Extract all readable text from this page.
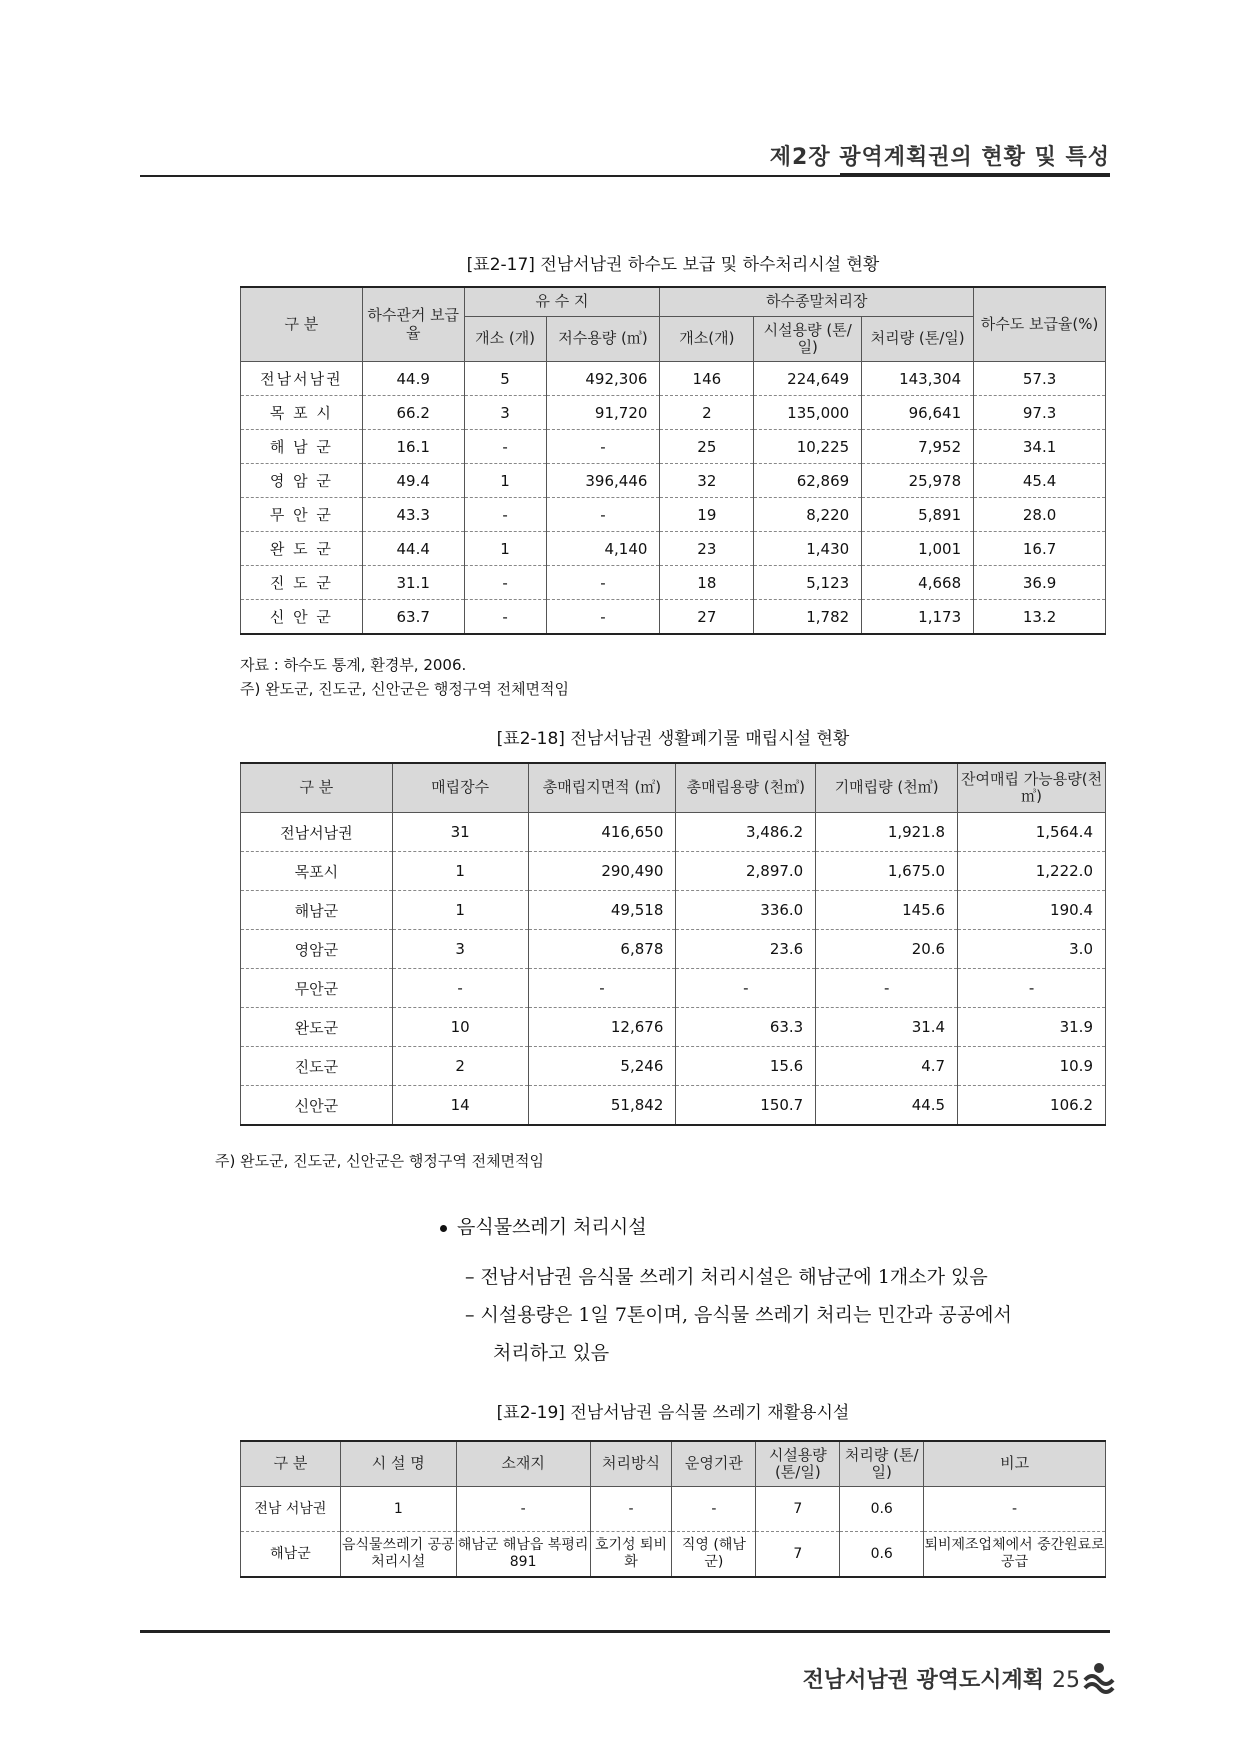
제2장 광역계획권의 현황 및 특성
[표2-17] 전남서남권 하수도 보급 및 하수처리시설 현황
구 분	하수관거 보급율	유 수 지		하수종말처리장			하수도 보급율(%)
		개소 (개)	저수용량 (㎥)	개소(개)	시설용량 (톤/일)	처리량 (톤/일)	
전남서남권	44.9	5	492,306	146	224,649	143,304	57.3
목 포 시	66.2	3	91,720	2	135,000	96,641	97.3
해 남 군	16.1	-	-	25	10,225	7,952	34.1
영 암 군	49.4	1	396,446	32	62,869	25,978	45.4
무 안 군	43.3	-	-	19	8,220	5,891	28.0
완 도 군	44.4	1	4,140	23	1,430	1,001	16.7
진 도 군	31.1	-	-	18	5,123	4,668	36.9
신 안 군	63.7	-	-	27	1,782	1,173	13.2
자료 : 하수도 통계, 환경부, 2006.
주) 완도군, 진도군, 신안군은 행정구역 전체면적임
[표2-18] 전남서남권 생활폐기물 매립시설 현황
구 분	매립장수	총매립지면적 (㎡)	총매립용량 (천㎥)	기매립량 (천㎥)	잔여매립 가능용량(천㎥)
전남서남권	31	416,650	3,486.2	1,921.8	1,564.4
목포시	1	290,490	2,897.0	1,675.0	1,222.0
해남군	1	49,518	336.0	145.6	190.4
영암군	3	6,878	23.6	20.6	3.0
무안군	-	-	-	-	-
완도군	10	12,676	63.3	31.4	31.9
진도군	2	5,246	15.6	4.7	10.9
신안군	14	51,842	150.7	44.5	106.2
주) 완도군, 진도군, 신안군은 행정구역 전체면적임
음식물쓰레기 처리시설
– 전남서남권 음식물 쓰레기 처리시설은 해남군에 1개소가 있음
– 시설용량은 1일 7톤이며, 음식물 쓰레기 처리는 민간과 공공에서
처리하고 있음
[표2-19] 전남서남권 음식물 쓰레기 재활용시설
구 분	시 설 명	소재지	처리방식	운영기관	시설용량 (톤/일)	처리량 (톤/일)	비고
전남 서남권	1	-	-	-	7	0.6	-
해남군	음식물쓰레기 공공처리시설	해남군 해남읍 복평리 891	호기성 퇴비화	직영 (해남군)	7	0.6	퇴비제조업체에서 중간원료로 공급
전남서남권 광역도시계획 25
